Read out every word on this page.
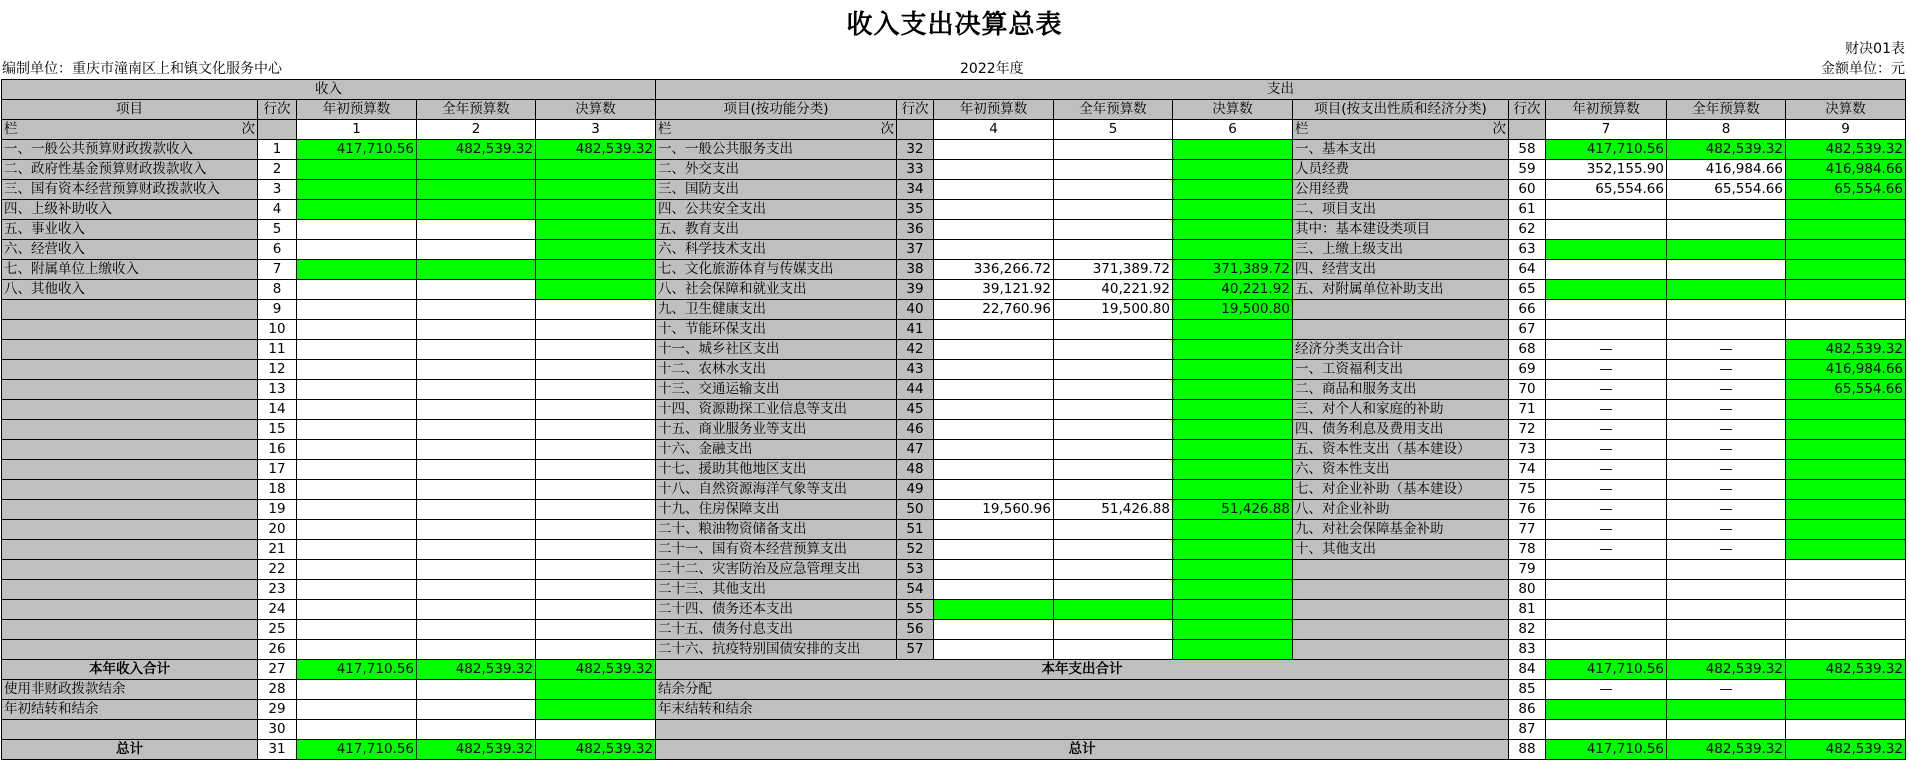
收入支出决算总表
财决01表
编制单位：重庆市潼南区上和镇文化服务中心	2022年度	金额单位：元
收入					支出									
项目	行次	年初预算数	全年预算数	决算数	项目(按功能分类)	行次	年初预算数	全年预算数	决算数	项目(按支出性质和经济分类)	行次	年初预算数	全年预算数	决算数
栏 次		1	2	3	栏 次		4	5	6	栏 次		7	8	9
一、一般公共预算财政拨款收入	1	417,710.56	482,539.32	482,539.32	一、一般公共服务支出	32				一、基本支出	58	417,710.56	482,539.32	482,539.32
二、政府性基金预算财政拨款收入	2				二、外交支出	33				人员经费	59	352,155.90	416,984.66	416,984.66
三、国有资本经营预算财政拨款收入	3				三、国防支出	34				公用经费	60	65,554.66	65,554.66	65,554.66
四、上级补助收入	4				四、公共安全支出	35				二、项目支出	61			
五、事业收入	5				五、教育支出	36				其中：基本建设类项目	62			
六、经营收入	6				六、科学技术支出	37				三、上缴上级支出	63			
七、附属单位上缴收入	7				七、文化旅游体育与传媒支出	38	336,266.72	371,389.72	371,389.72	四、经营支出	64			
八、其他收入	8				八、社会保障和就业支出	39	39,121.92	40,221.92	40,221.92	五、对附属单位补助支出	65			
	9				九、卫生健康支出	40	22,760.96	19,500.80	19,500.80		66			
	10				十、节能环保支出	41					67			
	11				十一、城乡社区支出	42				经济分类支出合计	68	—	—	482,539.32
	12				十二、农林水支出	43				一、工资福利支出	69	—	—	416,984.66
	13				十三、交通运输支出	44				二、商品和服务支出	70	—	—	65,554.66
	14				十四、资源勘探工业信息等支出	45				三、对个人和家庭的补助	71	—	—	
	15				十五、商业服务业等支出	46				四、债务利息及费用支出	72	—	—	
	16				十六、金融支出	47				五、资本性支出（基本建设）	73	—	—	
	17				十七、援助其他地区支出	48				六、资本性支出	74	—	—	
	18				十八、自然资源海洋气象等支出	49				七、对企业补助（基本建设）	75	—	—	
	19				十九、住房保障支出	50	19,560.96	51,426.88	51,426.88	八、对企业补助	76	—	—	
	20				二十、粮油物资储备支出	51				九、对社会保障基金补助	77	—	—	
	21				二十一、国有资本经营预算支出	52				十、其他支出	78	—	—	
	22				二十二、灾害防治及应急管理支出	53					79			
	23				二十三、其他支出	54					80			
	24				二十四、债务还本支出	55					81			
	25				二十五、债务付息支出	56					82			
	26				二十六、抗疫特别国债安排的支出	57					83			
本年收入合计	27	417,710.56	482,539.32	482,539.32	本年支出合计						84	417,710.56	482,539.32	482,539.32
使用非财政拨款结余	28				结余分配						85	—	—	
年初结转和结余	29				年末结转和结余						86			
	30										87			
总计	31	417,710.56	482,539.32	482,539.32	总计						88	417,710.56	482,539.32	482,539.32
